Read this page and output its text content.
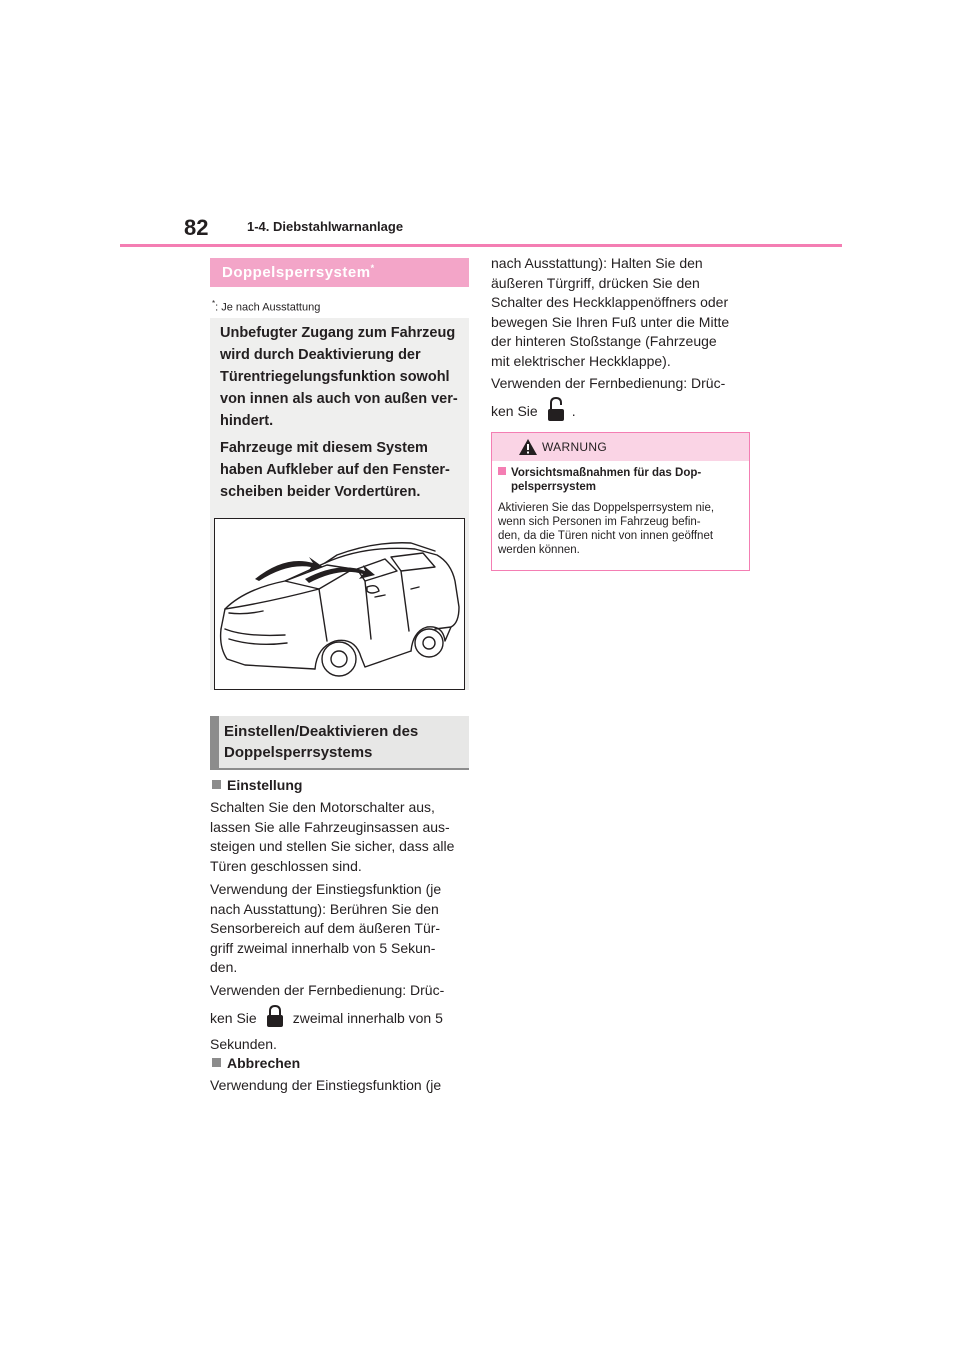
82	1-4. Diebstahlwarnanlage
Doppelsperrsystem*
*: Je nach Ausstattung
Unbefugter Zugang zum Fahrzeug
wird durch Deaktivierung der
Türentriegelungsfunktion sowohl
von innen als auch von außen ver-
hindert.
Fahrzeuge mit diesem System
haben Aufkleber auf den Fenster-
scheiben beider Vordertüren.
Einstellen/Deaktivieren des
Doppelsperrsystems
Einstellung
Schalten Sie den Motorschalter aus,
lassen Sie alle Fahrzeuginsassen aus-
steigen und stellen Sie sicher, dass alle
Türen geschlossen sind.
Verwendung der Einstiegsfunktion (je
nach Ausstattung): Berühren Sie den
Sensorbereich auf dem äußeren Tür-
griff zweimal innerhalb von 5 Sekun-
den.
Verwenden der Fernbedienung: Drüc-
ken Sie	zweimal innerhalb von 5
Sekunden.
Abbrechen
Verwendung der Einstiegsfunktion (je
nach Ausstattung): Halten Sie den
äußeren Türgriff, drücken Sie den
Schalter des Heckklappenöffners oder
bewegen Sie Ihren Fuß unter die Mitte
der hinteren Stoßstange (Fahrzeuge
mit elektrischer Heckklappe).
Verwenden der Fernbedienung: Drüc-
ken Sie .
WARNUNG
Vorsichtsmaßnahmen für das Dop-
pelsperrsystem
Aktivieren Sie das Doppelsperrsystem nie,
wenn sich Personen im Fahrzeug befin-
den, da die Türen nicht von innen geöffnet
werden können.
